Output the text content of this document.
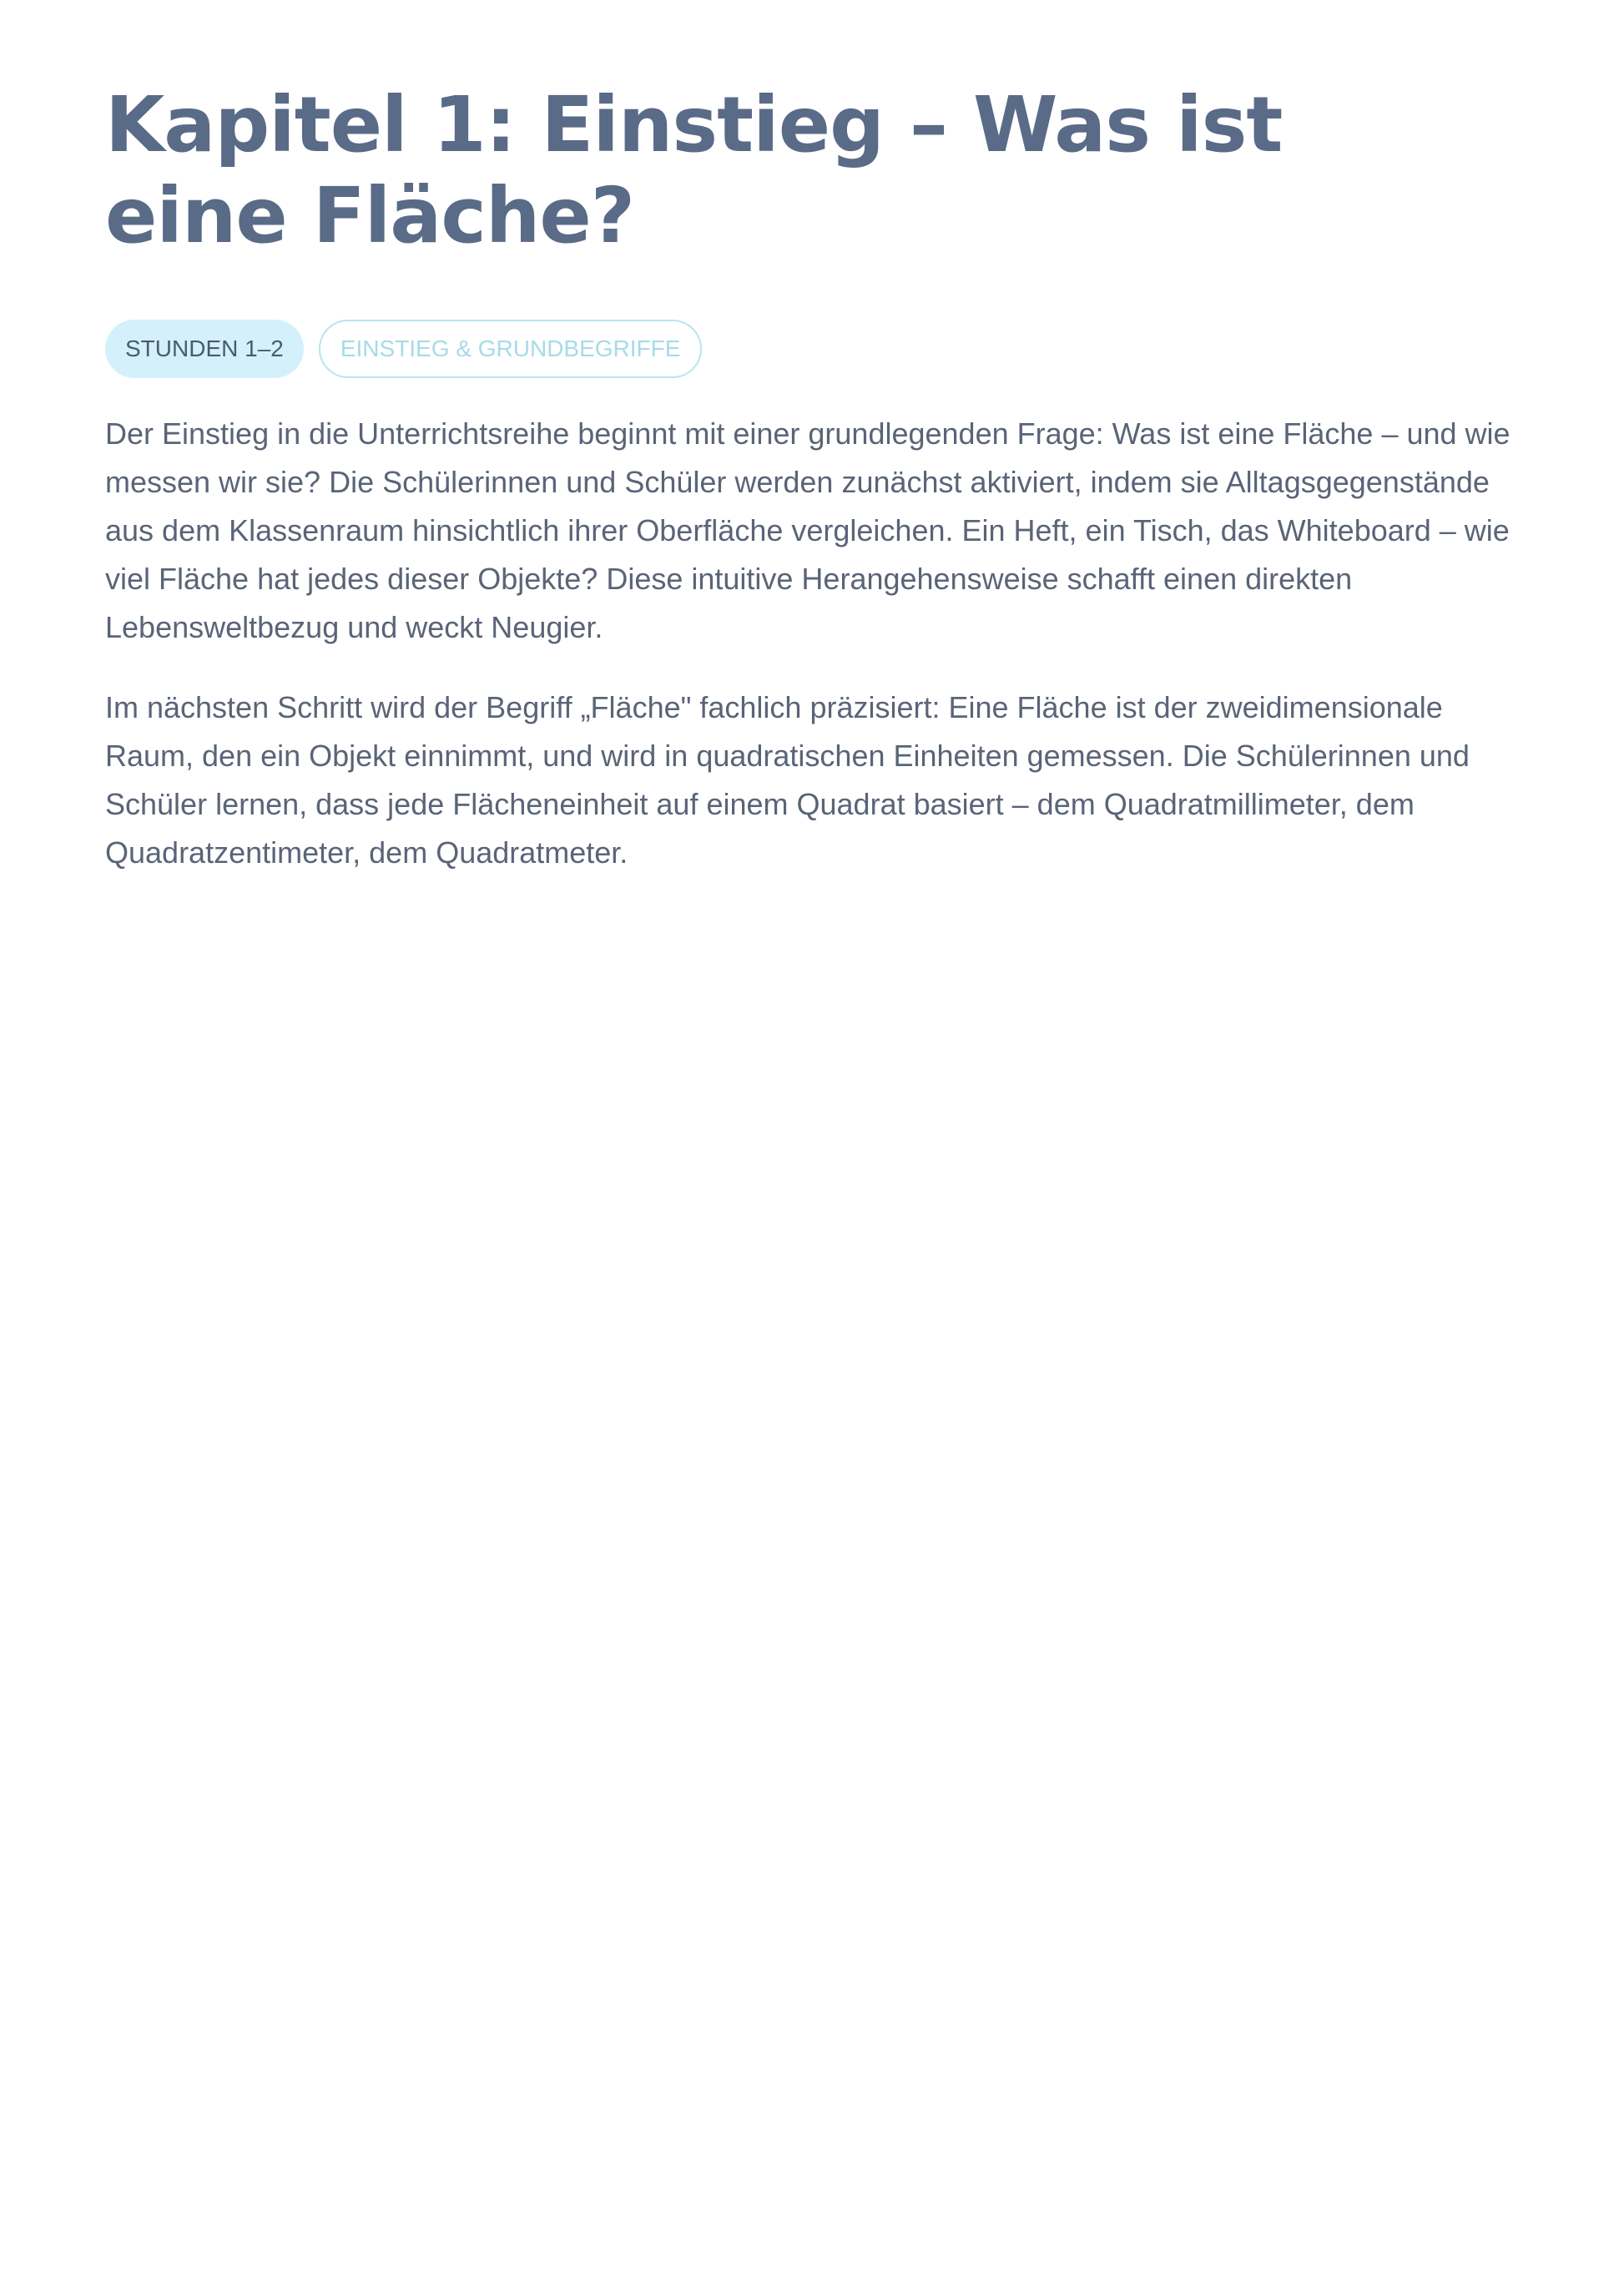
Kapitel 1: Einstieg – Was ist eine Fläche?
STUNDEN 1–2	EINSTIEG & GRUNDBEGRIFFE

Der Einstieg in die Unterrichtsreihe beginnt mit einer grundlegenden Frage: Was ist eine Fläche – und wie messen wir sie? Die Schülerinnen und Schüler werden zunächst aktiviert, indem sie Alltagsgegenstände aus dem Klassenraum hinsichtlich ihrer Oberfläche vergleichen. Ein Heft, ein Tisch, das Whiteboard – wie viel Fläche hat jedes dieser Objekte? Diese intuitive Herangehensweise schafft einen direkten Lebensweltbezug und weckt Neugier.

Im nächsten Schritt wird der Begriff „Fläche" fachlich präzisiert: Eine Fläche ist der zweidimensionale Raum, den ein Objekt einnimmt, und wird in quadratischen Einheiten gemessen. Die Schülerinnen und Schüler lernen, dass jede Flächeneinheit auf einem Quadrat basiert – dem Quadratmillimeter, dem Quadratzentimeter, dem Quadratmeter.
